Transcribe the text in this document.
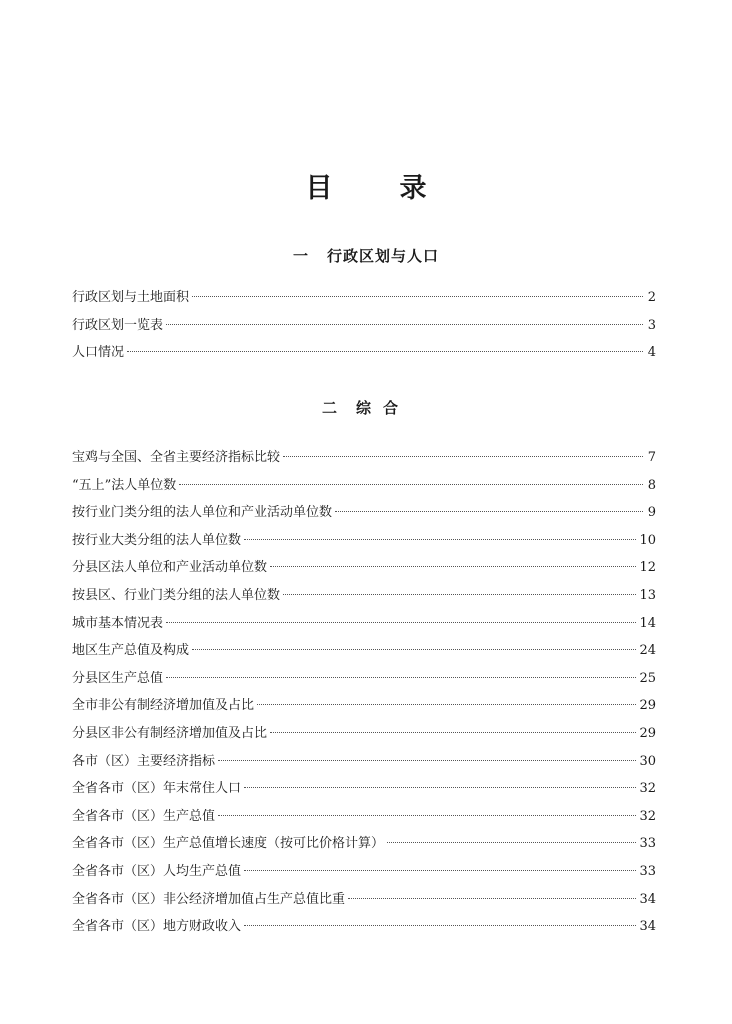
目　录
一 行政区划与人口
行政区划与土地面积	2
行政区划一览表	3
人口情况	4
二 综合
宝鸡与全国、全省主要经济指标比较	7
“五上”法人单位数	8
按行业门类分组的法人单位和产业活动单位数	9
按行业大类分组的法人单位数	10
分县区法人单位和产业活动单位数	12
按县区、行业门类分组的法人单位数	13
城市基本情况表	14
地区生产总值及构成	24
分县区生产总值	25
全市非公有制经济增加值及占比	29
分县区非公有制经济增加值及占比	29
各市（区）主要经济指标	30
全省各市（区）年末常住人口	32
全省各市（区）生产总值	32
全省各市（区）生产总值增长速度（按可比价格计算）	33
全省各市（区）人均生产总值	33
全省各市（区）非公经济增加值占生产总值比重	34
全省各市（区）地方财政收入	34
